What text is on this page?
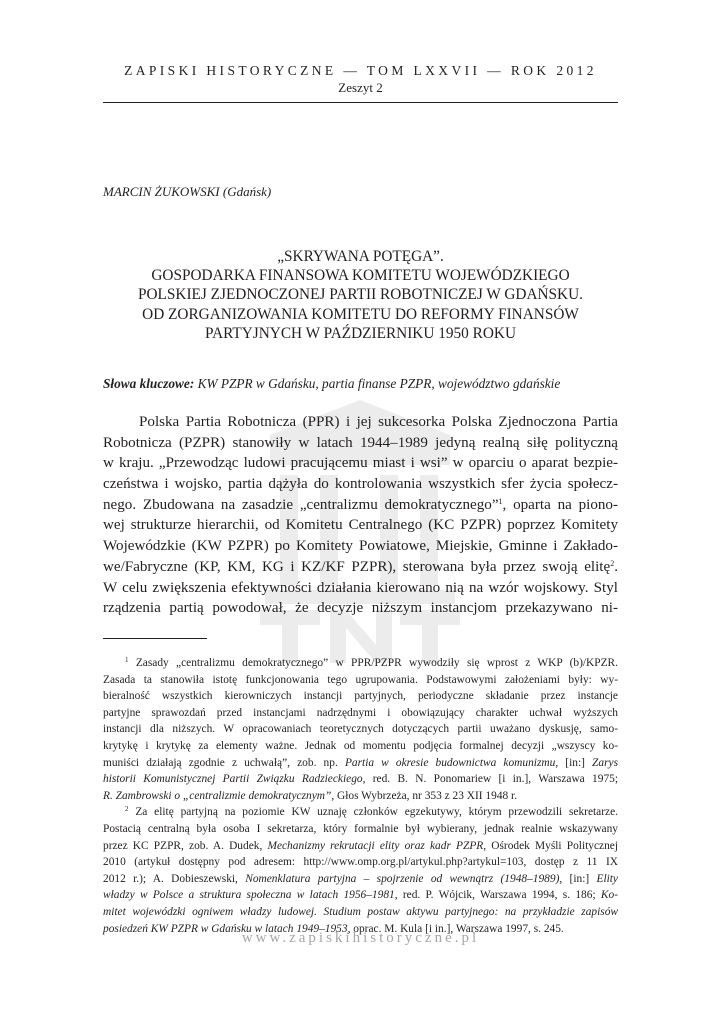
ZAPISKI HISTORYCZNE — TOM LXXVII — ROK 2012
Zeszyt 2
MARCIN ŻUKOWSKI (Gdańsk)
„SKRYWANA POTĘGA”.
GOSPODARKA FINANSOWA KOMITETU WOJEWÓDZKIEGO
POLSKIEJ ZJEDNOCZONEJ PARTII ROBOTNICZEJ W GDAŃSKU.
OD ZORGANIZOWANIA KOMITETU DO REFORMY FINANSÓW
PARTYJNYCH W PAŹDZIERNIKU 1950 ROKU
Słowa kluczowe: KW PZPR w Gdańsku, partia finanse PZPR, województwo gdańskie
Polska Partia Robotnicza (PPR) i jej sukcesorka Polska Zjednoczona Partia
Robotnicza (PZPR) stanowiły w latach 1944–1989 jedyną realną siłę polityczną
w kraju. „Przewodząc ludowi pracującemu miast i wsi” w oparciu o aparat bezpie-
czeństwa i wojsko, partia dążyła do kontrolowania wszystkich sfer życia społecz-
nego. Zbudowana na zasadzie „centralizmu demokratycznego”$^1$, oparta na piono-
wej strukturze hierarchii, od Komitetu Centralnego (KC PZPR) poprzez Komitety
Wojewódzkie (KW PZPR) po Komitety Powiatowe, Miejskie, Gminne i Zakłado-
we/Fabryczne (KP, KM, KG i KZ/KF PZPR), sterowana była przez swoją elitę$^2$.
W celu zwiększenia efektywności działania kierowano nią na wzór wojskowy. Styl
rządzenia partią powodował, że decyzje niższym instancjom przekazywano ni-
$^1$ Zasady „centralizmu demokratycznego” w PPR/PZPR wywodziły się wprost z WKP (b)/KPZR.
Zasada ta stanowiła istotę funkcjonowania tego ugrupowania. Podstawowymi założeniami były: wy-
bieralność wszystkich kierowniczych instancji partyjnych, periodyczne składanie przez instancje
partyjne sprawozdań przed instancjami nadrzędnymi i obowiązujący charakter uchwał wyższych
instancji dla niższych. W opracowaniach teoretycznych dotyczących partii uważano dyskusję, samo-
krytykę i krytykę za elementy ważne. Jednak od momentu podjęcia formalnej decyzji „wszyscy ko-
muniści działają zgodnie z uchwałą”, zob. np. Partia w okresie budownictwa komunizmu, [in:] Zarys
historii Komunistycznej Partii Związku Radzieckiego, red. B. N. Ponomariew [i in.], Warszawa 1975;
R. Zambrowski o „centralizmie demokratycznym”, Głos Wybrzeża, nr 353 z 23 XII 1948 r.
$^2$ Za elitę partyjną na poziomie KW uznaję członków egzekutywy, którym przewodzili sekretarze.
Postacią centralną była osoba I sekretarza, który formalnie był wybierany, jednak realnie wskazywany
przez KC PZPR, zob. A. Dudek, Mechanizmy rekrutacji elity oraz kadr PZPR, Ośrodek Myśli Politycznej
2010 (artykuł dostępny pod adresem: http://www.omp.org.pl/artykul.php?artykul=103, dostęp z 11 IX
2012 r.); A. Dobieszewski, Nomenklatura partyjna – spojrzenie od wewnątrz (1948–1989), [in:] Elity
władzy w Polsce a struktura społeczna w latach 1956–1981, red. P. Wójcik, Warszawa 1994, s. 186; Ko-
mitet wojewódzki ogniwem władzy ludowej. Studium postaw aktywu partyjnego: na przykładzie zapisów
posiedzeń KW PZPR w Gdańsku w latach 1949–1953, oprac. M. Kula [i in.], Warszawa 1997, s. 245.
www.zapiskihistoryczne.pl
